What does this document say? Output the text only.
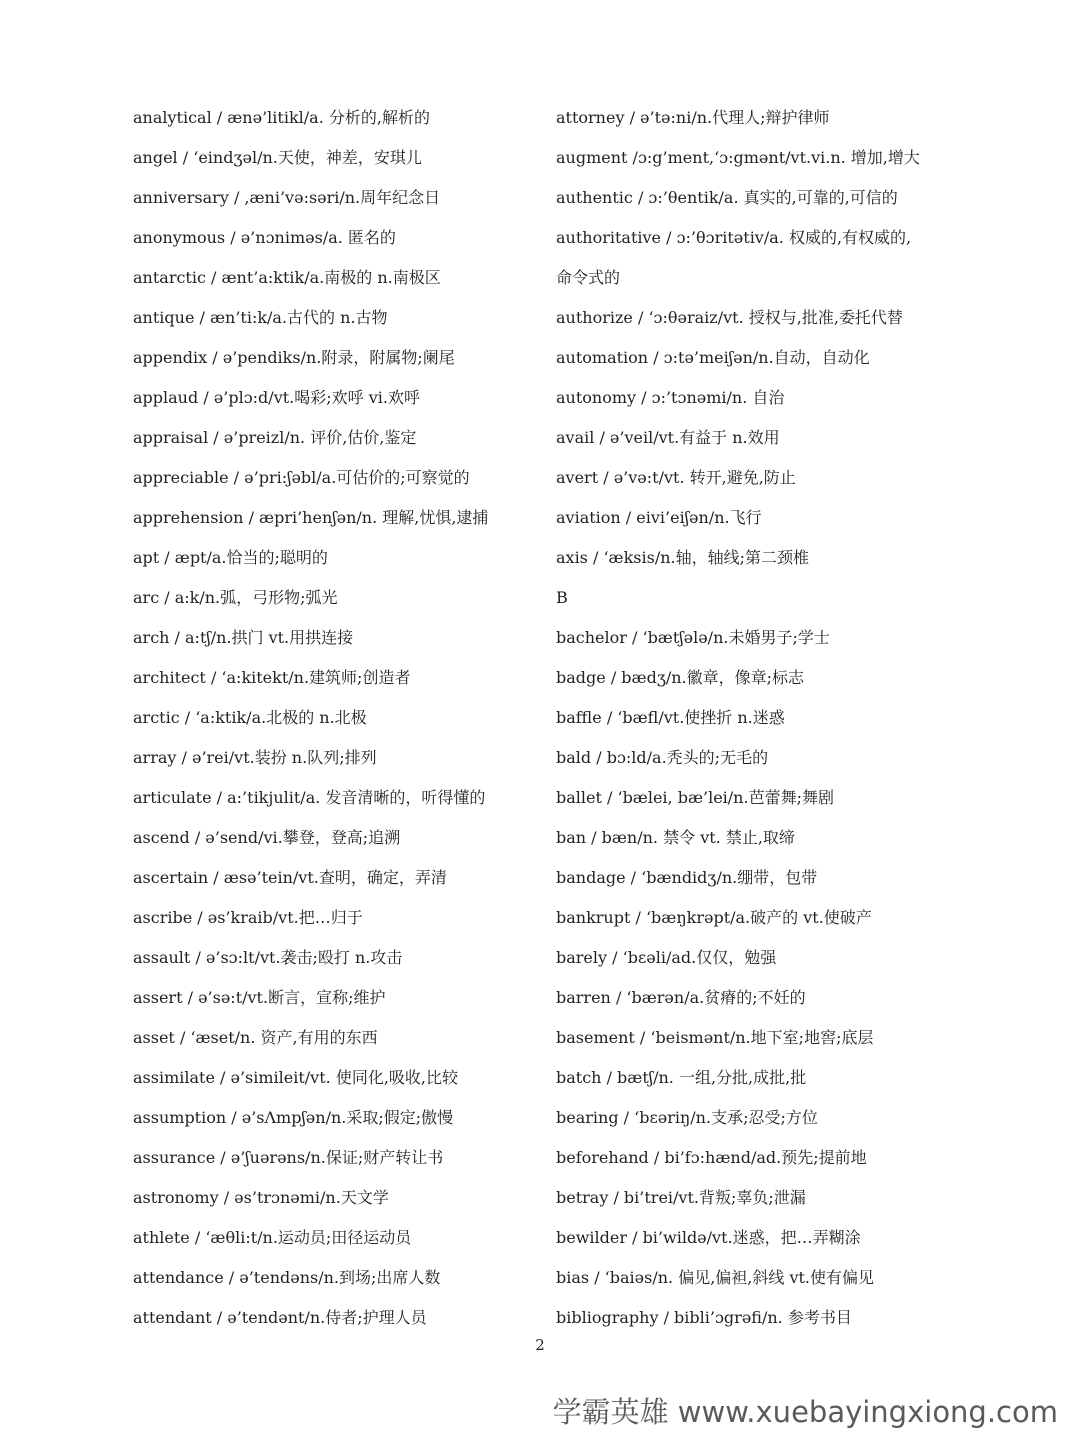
analytical / ænə’litikl/a. 分析的,解析的
angel / ‘eindʒəl/n.天使，神差，安琪儿
anniversary / ,æni’və:səri/n.周年纪念日
anonymous / ə’nɔniməs/a. 匿名的
antarctic / ænt’a:ktik/a.南极的 n.南极区
antique / æn’ti:k/a.古代的 n.古物
appendix / ə’pendiks/n.附录，附属物;阑尾
applaud / ə’plɔ:d/vt.喝彩;欢呼 vi.欢呼
appraisal / ə’preizl/n. 评价,估价,鉴定
appreciable / ə’pri:ʃəbl/a.可估价的;可察觉的
apprehension / æpri’henʃən/n. 理解,忧惧,逮捕
apt / æpt/a.恰当的;聪明的
arc / a:k/n.弧，弓形物;弧光
arch / a:tʃ/n.拱门 vt.用拱连接
architect / ‘a:kitekt/n.建筑师;创造者
arctic / ‘a:ktik/a.北极的 n.北极
array / ə’rei/vt.装扮 n.队列;排列
articulate / a:’tikjulit/a. 发音清晰的，听得懂的
ascend / ə’send/vi.攀登，登高;追溯
ascertain / æsə’tein/vt.查明，确定，弄清
ascribe / əs’kraib/vt.把…归于
assault / ə’sɔ:lt/vt.袭击;殴打 n.攻击
assert / ə’sə:t/vt.断言，宣称;维护
asset / ‘æset/n. 资产,有用的东西
assimilate / ə’simileit/vt. 使同化,吸收,比较
assumption / ə’sΛmpʃən/n.采取;假定;傲慢
assurance / ə’ʃuərəns/n.保证;财产转让书
astronomy / əs’trɔnəmi/n.天文学
athlete / ‘æθli:t/n.运动员;田径运动员
attendance / ə’tendəns/n.到场;出席人数
attendant / ə’tendənt/n.侍者;护理人员
attorney / ə’tə:ni/n.代理人;辩护律师
augment /ɔ:g’ment,‘ɔ:gmənt/vt.vi.n. 增加,增大
authentic / ɔ:’θentik/a. 真实的,可靠的,可信的
authoritative / ɔ:’θɔritətiv/a. 权威的,有权威的,
命令式的
authorize / ‘ɔ:θəraiz/vt. 授权与,批准,委托代替
automation / ɔ:tə’meiʃən/n.自动，自动化
autonomy / ɔ:’tɔnəmi/n. 自治
avail / ə’veil/vt.有益于 n.效用
avert / ə’və:t/vt. 转开,避免,防止
aviation / eivi’eiʃən/n.飞行
axis / ‘æksis/n.轴，轴线;第二颈椎
B
bachelor / ‘bætʃələ/n.未婚男子;学士
badge / bædʒ/n.徽章，像章;标志
baffle / ‘bæfl/vt.使挫折 n.迷惑
bald / bɔ:ld/a.秃头的;无毛的
ballet / ‘bælei, bæ’lei/n.芭蕾舞;舞剧
ban / bæn/n. 禁令 vt. 禁止,取缔
bandage / ‘bændidʒ/n.绷带，包带
bankrupt / ‘bæŋkrəpt/a.破产的 vt.使破产
barely / ‘bɛəli/ad.仅仅，勉强
barren / ‘bærən/a.贫瘠的;不妊的
basement / ‘beismənt/n.地下室;地窖;底层
batch / bætʃ/n. 一组,分批,成批,批
bearing / ‘bɛəriŋ/n.支承;忍受;方位
beforehand / bi’fɔ:hænd/ad.预先;提前地
betray / bi’trei/vt.背叛;辜负;泄漏
bewilder / bi’wildə/vt.迷惑，把…弄糊涂
bias / ‘baiəs/n. 偏见,偏袒,斜线 vt.使有偏见
bibliography / bibli’ɔgrəfi/n. 参考书目
2
学霸英雄 www.xuebayingxiong.com
